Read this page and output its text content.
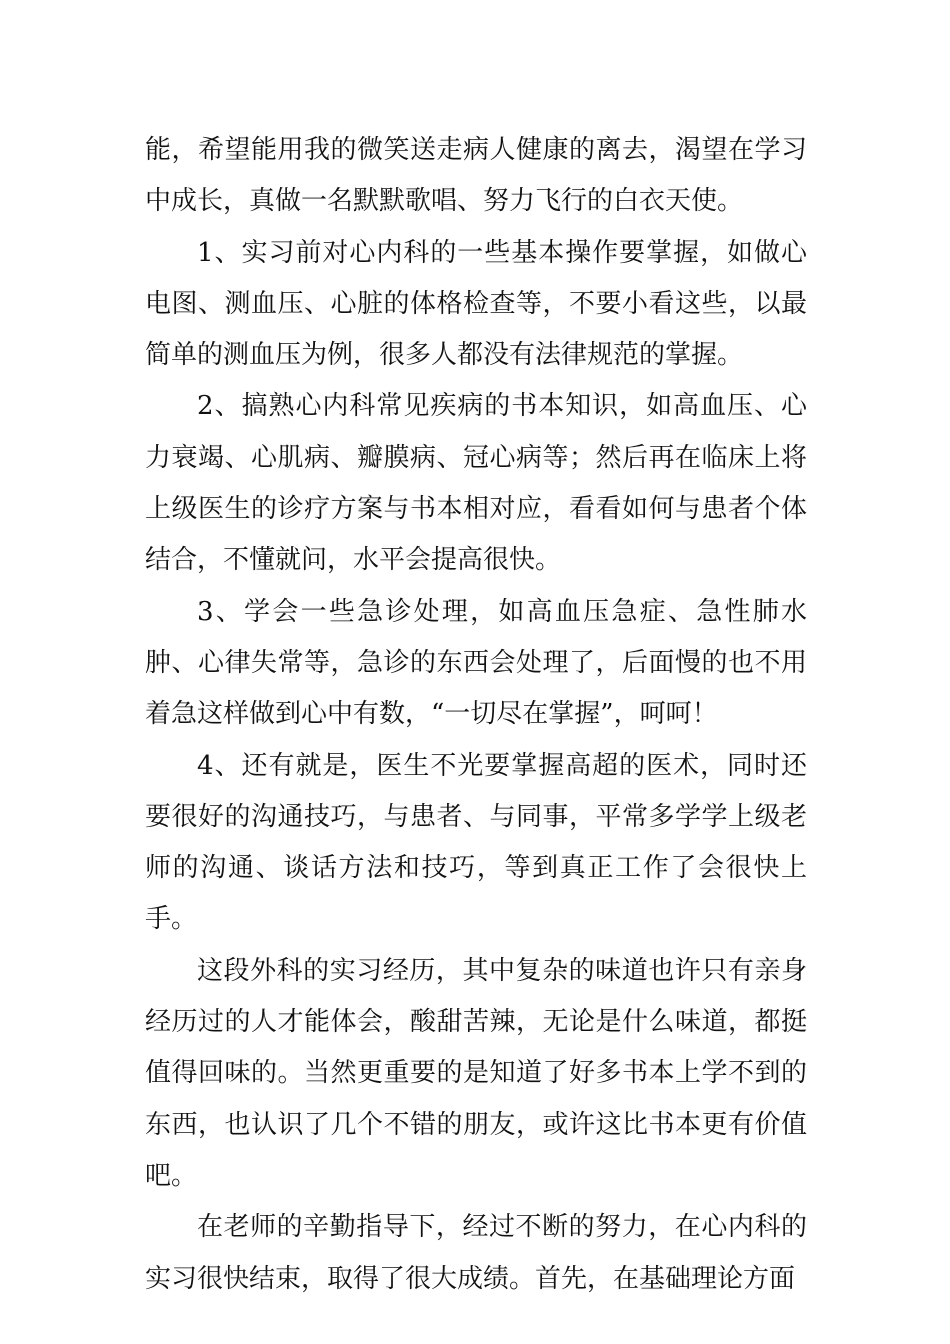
能，希望能用我的微笑送走病人健康的离去，渴望在学习中成长，真做一名默默歌唱、努力飞行的白衣天使。

1、实习前对心内科的一些基本操作要掌握，如做心电图、测血压、心脏的体格检查等，不要小看这些，以最简单的测血压为例，很多人都没有法律规范的掌握。

2、搞熟心内科常见疾病的书本知识，如高血压、心力衰竭、心肌病、瓣膜病、冠心病等；然后再在临床上将上级医生的诊疗方案与书本相对应，看看如何与患者个体结合，不懂就问，水平会提高很快。

3、学会一些急诊处理，如高血压急症、急性肺水肿、心律失常等，急诊的东西会处理了，后面慢的也不用着急这样做到心中有数，“一切尽在掌握”，呵呵！

4、还有就是，医生不光要掌握高超的医术，同时还要很好的沟通技巧，与患者、与同事，平常多学学上级老师的沟通、谈话方法和技巧，等到真正工作了会很快上手。

这段外科的实习经历，其中复杂的味道也许只有亲身经历过的人才能体会，酸甜苦辣，无论是什么味道，都挺值得回味的。当然更重要的是知道了好多书本上学不到的东西，也认识了几个不错的朋友，或许这比书本更有价值吧。

在老师的辛勤指导下，经过不断的努力，在心内科的实习很快结束，取得了很大成绩。首先，在基础理论方面
